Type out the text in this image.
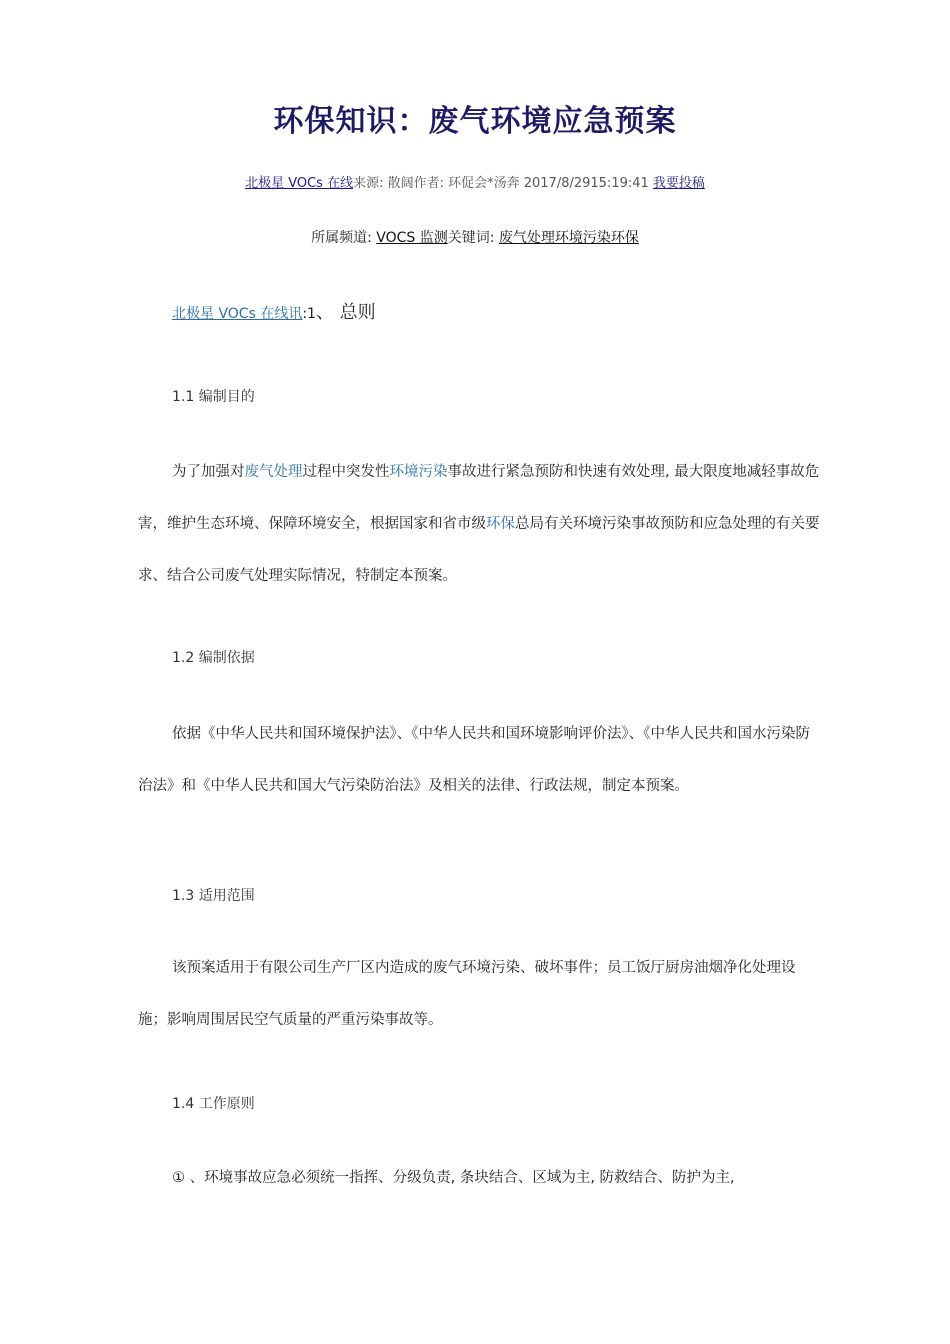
环保知识：废气环境应急预案
北极星 VOCs 在线来源: 散阔作者: 环促会*汤奔 2017/8/2915:19:41 我要投稿
所属频道: VOCS 监测关键词: 废气处理环境污染环保
北极星 VOCs 在线讯:1、 总则
1.1 编制目的

为了加强对废气处理过程中突发性环境污染事故进行紧急预防和快速有效处理, 最大限度地减轻事故危害，维护生态环境、保障环境安全，根据国家和省市级环保总局有关环境污染事故预防和应急处理的有关要求、结合公司废气处理实际情况，特制定本预案。

1.2 编制依据

依据《中华人民共和国环境保护法》、《中华人民共和国环境影响评价法》、《中华人民共和国水污染防治法》和《中华人民共和国大气污染防治法》及相关的法律、行政法规，制定本预案。

1.3 适用范围

该预案适用于有限公司生产厂区内造成的废气环境污染、破坏事件；员工饭厅厨房油烟净化处理设施；影响周围居民空气质量的严重污染事故等。

1.4 工作原则

① 、环境事故应急必须统一指挥、分级负责, 条块结合、区域为主, 防救结合、防护为主,
